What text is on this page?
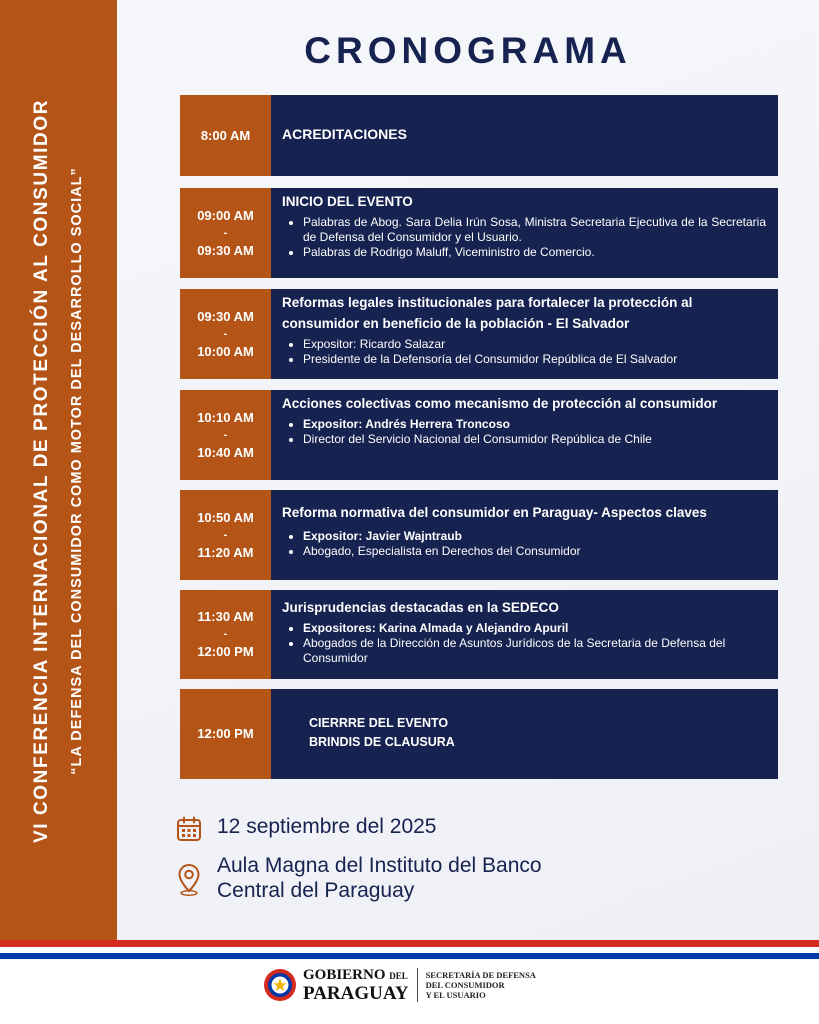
VI CONFERENCIA INTERNACIONAL DE PROTECCIÓN AL CONSUMIDOR “LA DEFENSA DEL CONSUMIDOR COMO MOTOR DEL DESARROLLO SOCIAL”
CRONOGRAMA
8:00 AM ACREDITACIONES
09:00 AM
-
09:30 AM
INICIO DEL EVENTO
• Palabras de Abog. Sara Delia Irún Sosa, Ministra Secretaria Ejecutiva de la Secretaria de Defensa del Consumidor y el Usuario.
• Palabras de Rodrigo Maluff, Viceministro de Comercio.
09:30 AM
-
10:00 AM
Reformas legales institucionales para fortalecer la protección al consumidor en beneficio de la población - El Salvador
• Expositor: Ricardo Salazar
• Presidente de la Defensoría del Consumidor República de El Salvador
10:10 AM
-
10:40 AM
Acciones colectivas como mecanismo de protección al consumidor
• Expositor: Andrés Herrera Troncoso
• Director del Servicio Nacional del Consumidor República de Chile
10:50 AM
-
11:20 AM
Reforma normativa del consumidor en Paraguay- Aspectos claves
• Expositor: Javier Wajntraub
• Abogado, Especialista en Derechos del Consumidor
11:30 AM
-
12:00 PM
Jurisprudencias destacadas en la SEDECO
• Expositores: Karina Almada y Alejandro Apuril
• Abogados de la Dirección de Asuntos Jurídicos de la Secretaria de Defensa del Consumidor
12:00 PM
CIERRRE DEL EVENTO
BRINDIS DE CLAUSURA
12 septiembre del 2025
Aula Magna del Instituto del Banco
Central del Paraguay
GOBIERNO DEL
PARAGUAY
SECRETARÍA DE DEFENSA
DEL CONSUMIDOR
Y EL USUARIO
